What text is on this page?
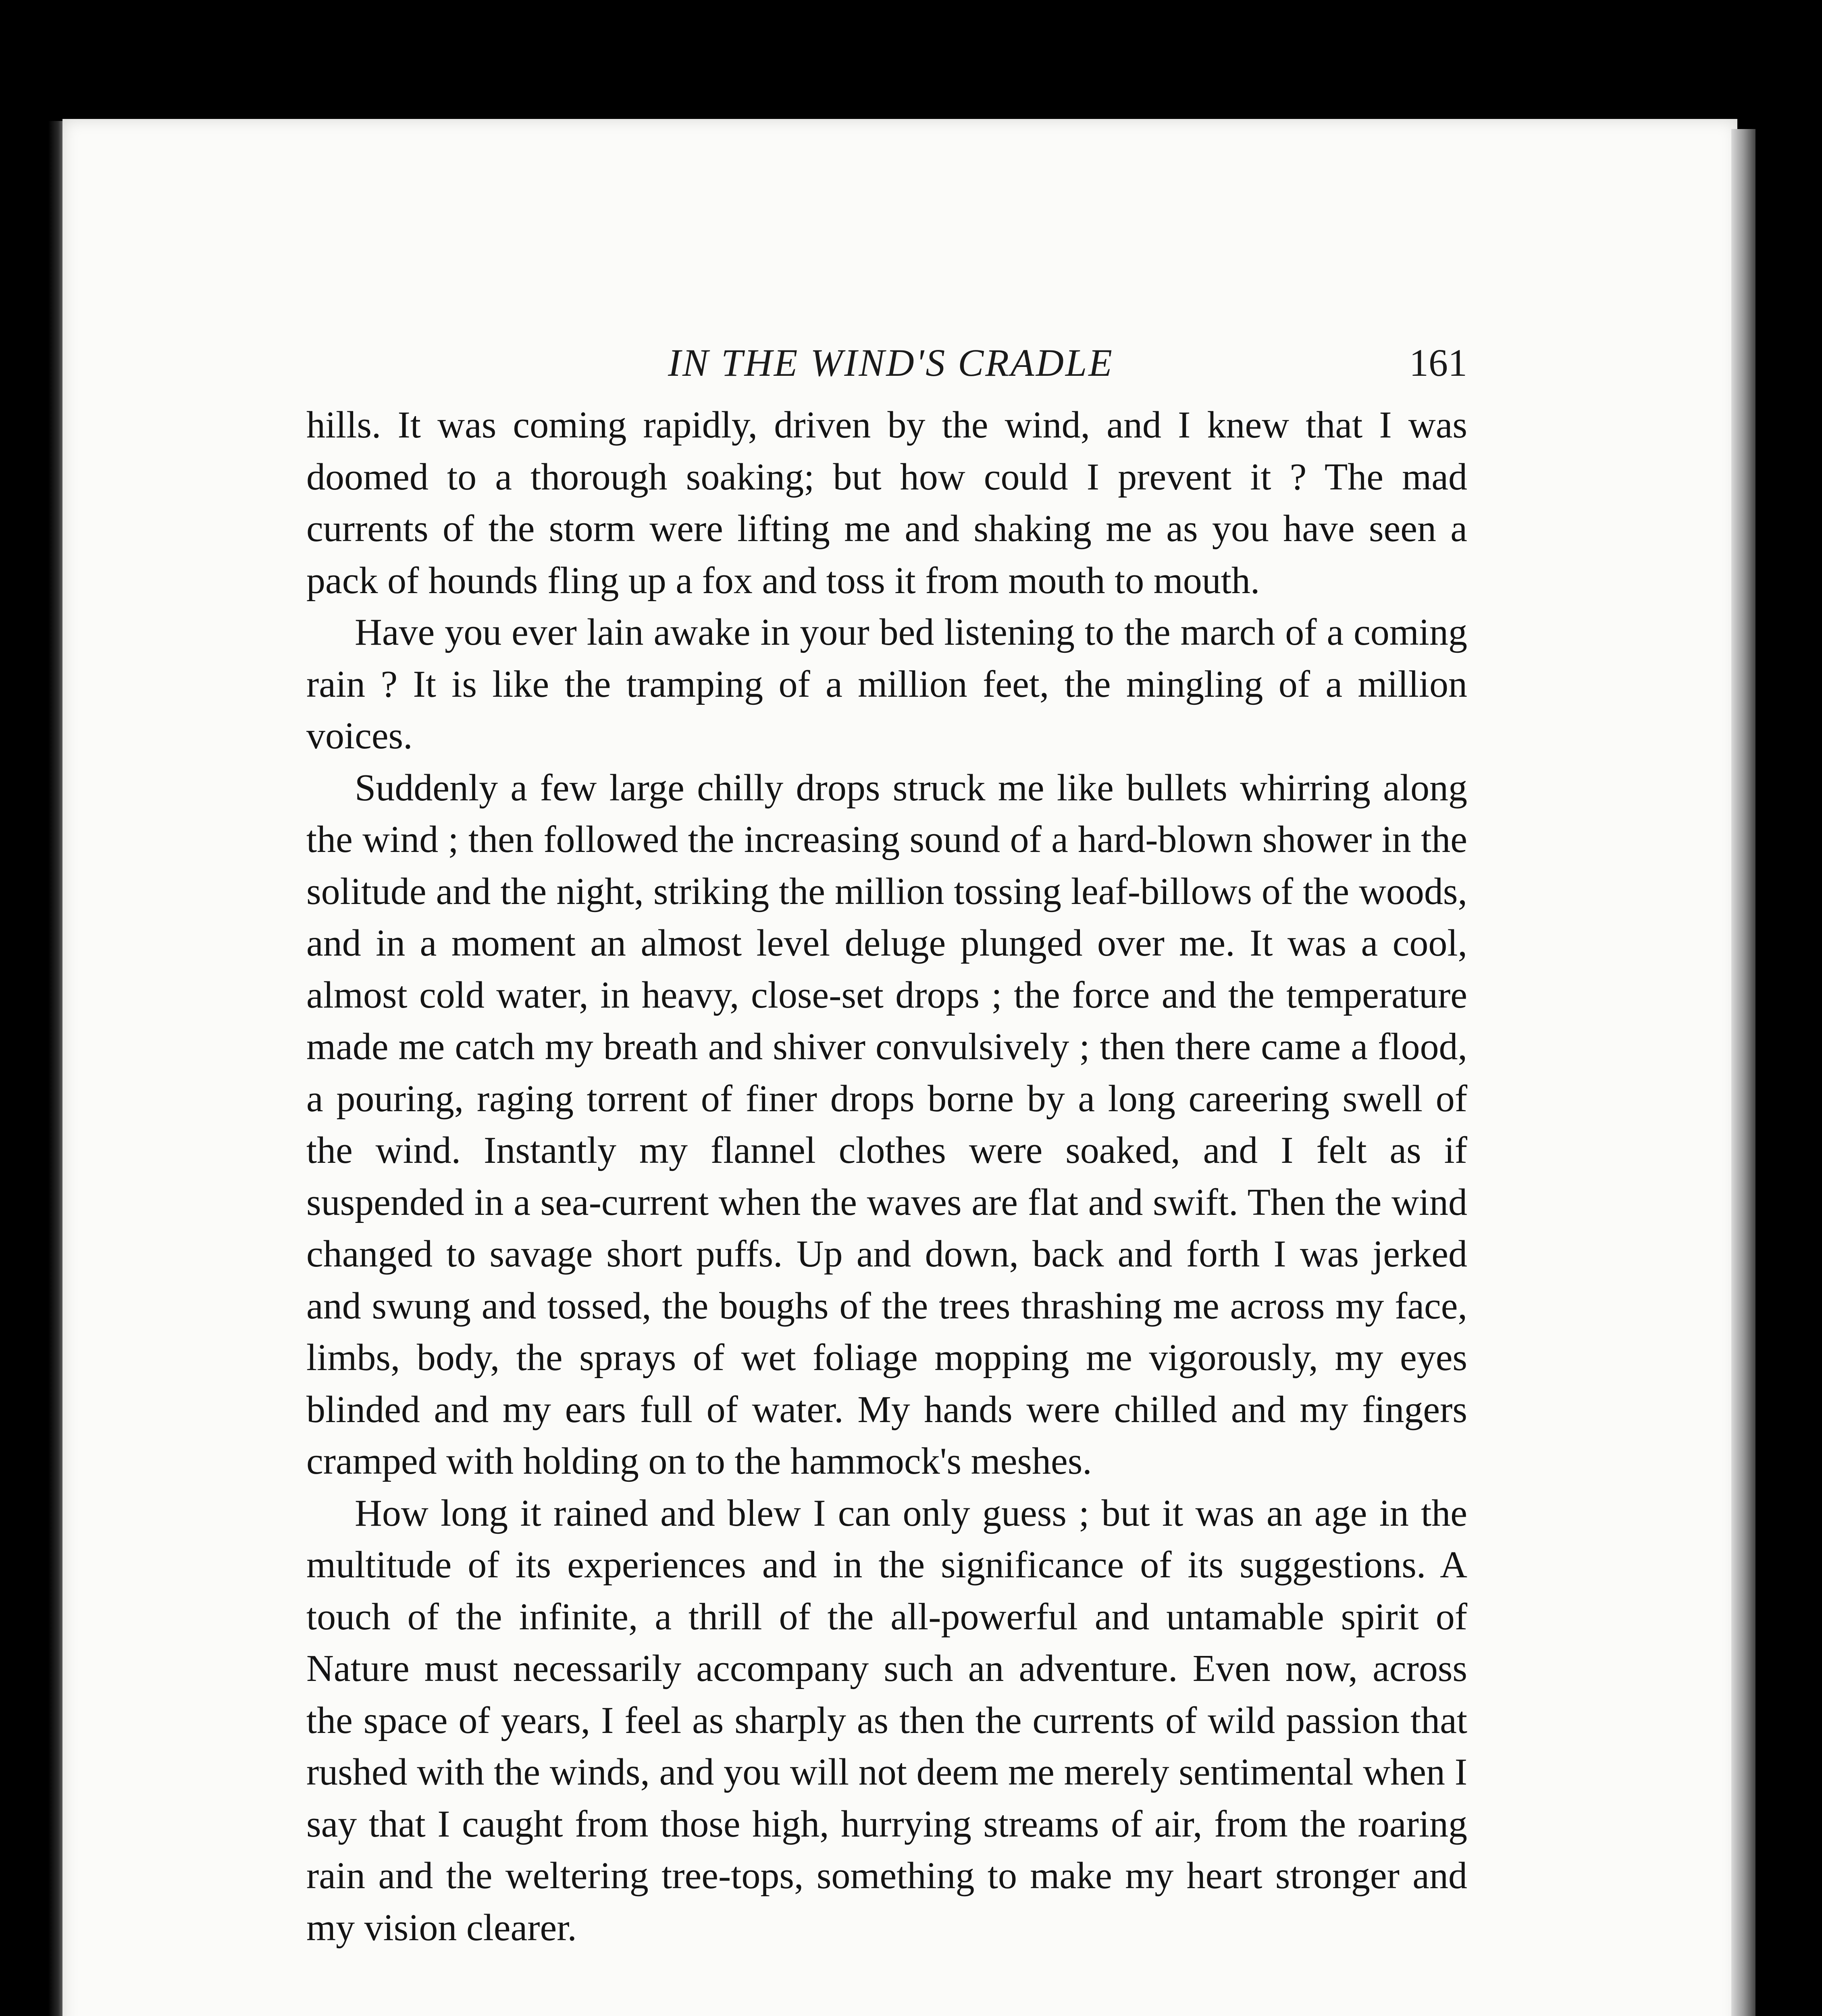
IN THE WIND'S CRADLE	161

hills. It was coming rapidly, driven by the wind, and I knew that I was doomed to a thorough soaking; but how could I prevent it ? The mad currents of the storm were lifting me and shaking me as you have seen a pack of hounds fling up a fox and toss it from mouth to mouth.

Have you ever lain awake in your bed listening to the march of a coming rain ? It is like the tramping of a million feet, the mingling of a million voices.

Suddenly a few large chilly drops struck me like bullets whirring along the wind ; then followed the increasing sound of a hard-blown shower in the solitude and the night, striking the million tossing leaf-billows of the woods, and in a moment an almost level deluge plunged over me. It was a cool, almost cold water, in heavy, close-set drops ; the force and the temperature made me catch my breath and shiver convulsively ; then there came a flood, a pouring, raging torrent of finer drops borne by a long careering swell of the wind. Instantly my flannel clothes were soaked, and I felt as if suspended in a sea-current when the waves are flat and swift. Then the wind changed to savage short puffs. Up and down, back and forth I was jerked and swung and tossed, the boughs of the trees thrashing me across my face, limbs, body, the sprays of wet foliage mopping me vigorously, my eyes blinded and my ears full of water. My hands were chilled and my fingers cramped with holding on to the hammock's meshes.

How long it rained and blew I can only guess ; but it was an age in the multitude of its experiences and in the significance of its suggestions. A touch of the infinite, a thrill of the all-powerful and untamable spirit of Nature must necessarily accompany such an adventure. Even now, across the space of years, I feel as sharply as then the currents of wild passion that rushed with the winds, and you will not deem me merely sentimental when I say that I caught from those high, hurrying streams of air, from the roaring rain and the weltering tree-tops, something to make my heart stronger and my vision clearer.
